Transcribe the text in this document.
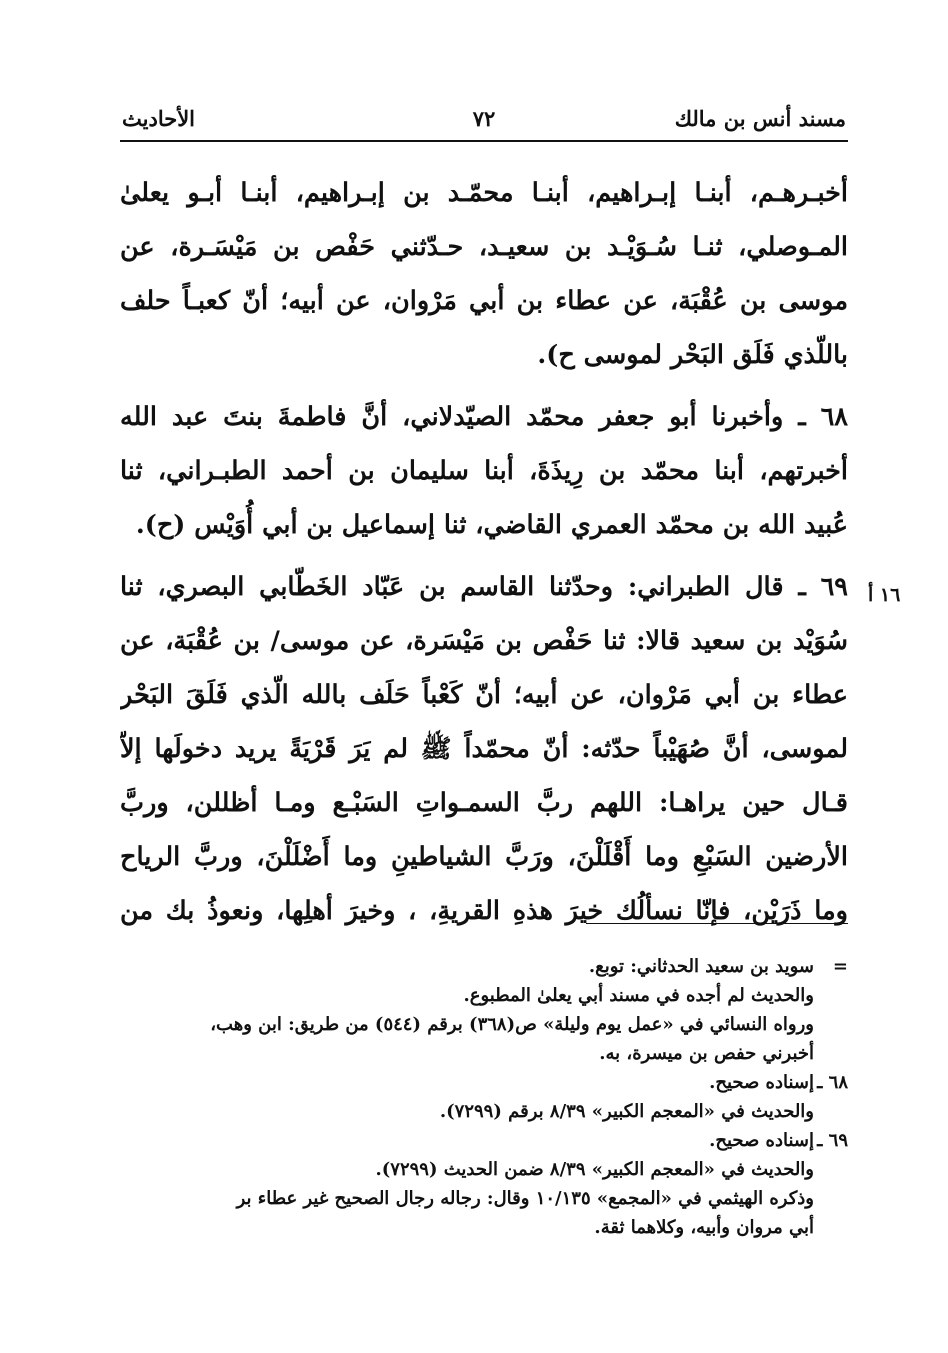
مسند أنس بن مالك
٧٢
الأحاديث
أخبـرهـم، أبنـا إبـراهيم، أبنـا محمّـد بن إبـراهيم، أبنـا أبـو يعلىٰ
المـوصلي، ثنـا سُـوَيْـد بن سعيـد، حـدّثني حَفْص بن مَيْسَـرة، عن
موسى بن عُقْبَة، عن عطاء بن أبي مَرْوان، عن أبيه؛ أنّ كعبـاً حلف
باللّذي فَلَق البَحْر لموسى ح).
٦٨ ـ وأخبرنا أبو جعفر محمّد الصيّدلاني، أنَّ فاطمةَ بنتَ عبد الله
أخبرتهم، أبنا محمّد بن رِيذَةَ، أبنا سليمان بن أحمد الطبـراني، ثنا
عُبيد الله بن محمّد العمري القاضي، ثنا إسماعيل بن أبي أُوَيْس (ح).
٦٩ ـ قال الطبراني: وحدّثنا القاسم بن عَبّاد الخَطّابي البصري، ثنا
سُوَيْد بن سعيد قالا: ثنا حَفْص بن مَيْسَرة، عن موسى/ بن عُقْبَة، عن
عطاء بن أبي مَرْوان، عن أبيه؛ أنّ كَعْباً حَلَف بالله الّذي فَلَقَ البَحْر
لموسى، أنَّ صُهَيْباً حدّثه: أنّ محمّداً ﷺ لم يَرَ قَرْيَةً يريد دخولَها إلاّ
قـال حين يراهـا: اللهم ربَّ السمـواتِ السَبْـع ومـا أظللن، وربَّ
الأرضين السَبْعِ وما أَقْلَلْنَ، ورَبَّ الشياطينِ وما أَضْلَلْنَ، وربَّ الرياح
وما ذَرَيْن، فإنّا نسألُك خيرَ هذهِ القريةِ، ، وخيرَ أهلِها، ونعوذُ بك من
١٦ أ
=سويد بن سعيد الحدثاني: توبع.
والحديث لم أجده في مسند أبي يعلىٰ المطبوع.
ورواه النسائي في «عمل يوم وليلة» ص(٣٦٨) برقم (٥٤٤) من طريق: ابن وهب،
أخبرني حفص بن ميسرة، به.
٦٨ ـإسناده صحيح.
والحديث في «المعجم الكبير» ٨/٣٩ برقم (٧٢٩٩).
٦٩ ـإسناده صحيح.
والحديث في «المعجم الكبير» ٨/٣٩ ضمن الحديث (٧٢٩٩).
وذكره الهيثمي في «المجمع» ١٠/١٣٥ وقال: رجاله رجال الصحيح غير عطاء بر
أبي مروان وأبيه، وكلاهما ثقة.
